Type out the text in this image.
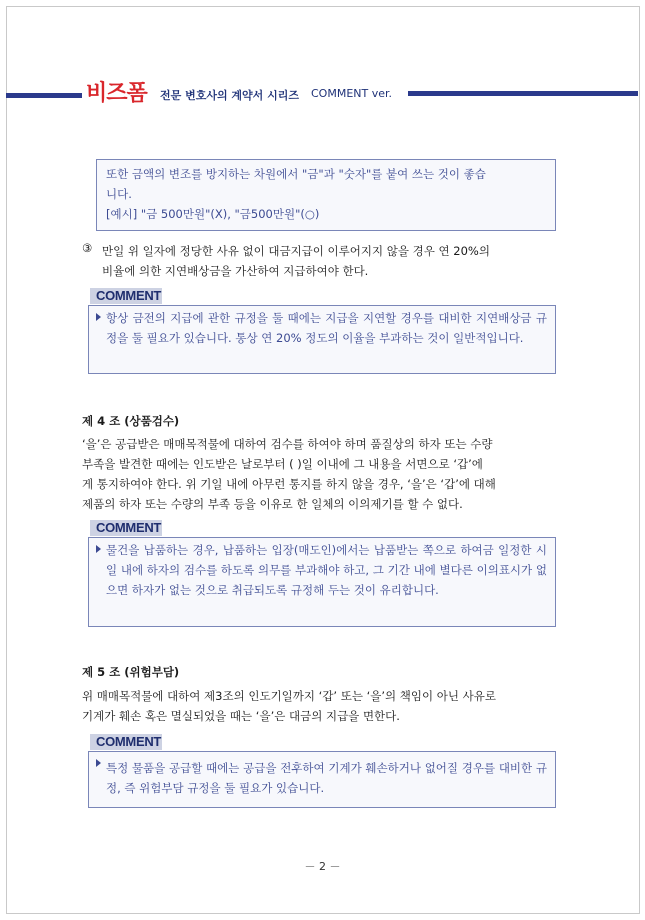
비즈폼 전문 변호사의 계약서 시리즈 COMMENT ver.

또한 금액의 변조를 방지하는 차원에서 "금"과 "숫자"를 붙여 쓰는 것이 좋습

니다.

[예시] "금 500만원"(X), "금500만원"(○)

③ 만일 위 일자에 정당한 사유 없이 대금지급이 이루어지지 않을 경우 연 20%의
비율에 의한 지연배상금을 가산하여 지급하여야 한다.
COMMENT
항상 금전의 지급에 관한 규정을 둘 때에는 지급을 지연할 경우를 대비한 지연배상금 규정을 둘 필요가 있습니다. 통상 연 20% 정도의 이율을 부과하는 것이 일반적입니다.
제 4 조 (상품검수)
‘을’은 공급받은 매매목적물에 대하여 검수를 하여야 하며 품질상의 하자 또는 수량
부족을 발견한 때에는 인도받은 날로부터 ( )일 이내에 그 내용을 서면으로 ‘갑’에
게 통지하여야 한다. 위 기일 내에 아무런 통지를 하지 않을 경우, ‘을’은 ‘갑’에 대해
제품의 하자 또는 수량의 부족 등을 이유로 한 일체의 이의제기를 할 수 없다.
COMMENT
물건을 납품하는 경우, 납품하는 입장(매도인)에서는 납품받는 쪽으로 하여금 일정한 시일 내에 하자의 검수를 하도록 의무를 부과해야 하고, 그 기간 내에 별다른 이의표시가 없으면 하자가 없는 것으로 취급되도록 규정해 두는 것이 유리합니다.
제 5 조 (위험부담)
위 매매목적물에 대하여 제3조의 인도기일까지 ‘갑’ 또는 ‘을’의 책임이 아닌 사유로
기계가 훼손 혹은 멸실되었을 때는 ‘을’은 대금의 지급을 면한다.
COMMENT
특정 물품을 공급할 때에는 공급을 전후하여 기계가 훼손하거나 없어질 경우를 대비한 규정, 즉 위험부담 규정을 둘 필요가 있습니다.
－ 2 －
